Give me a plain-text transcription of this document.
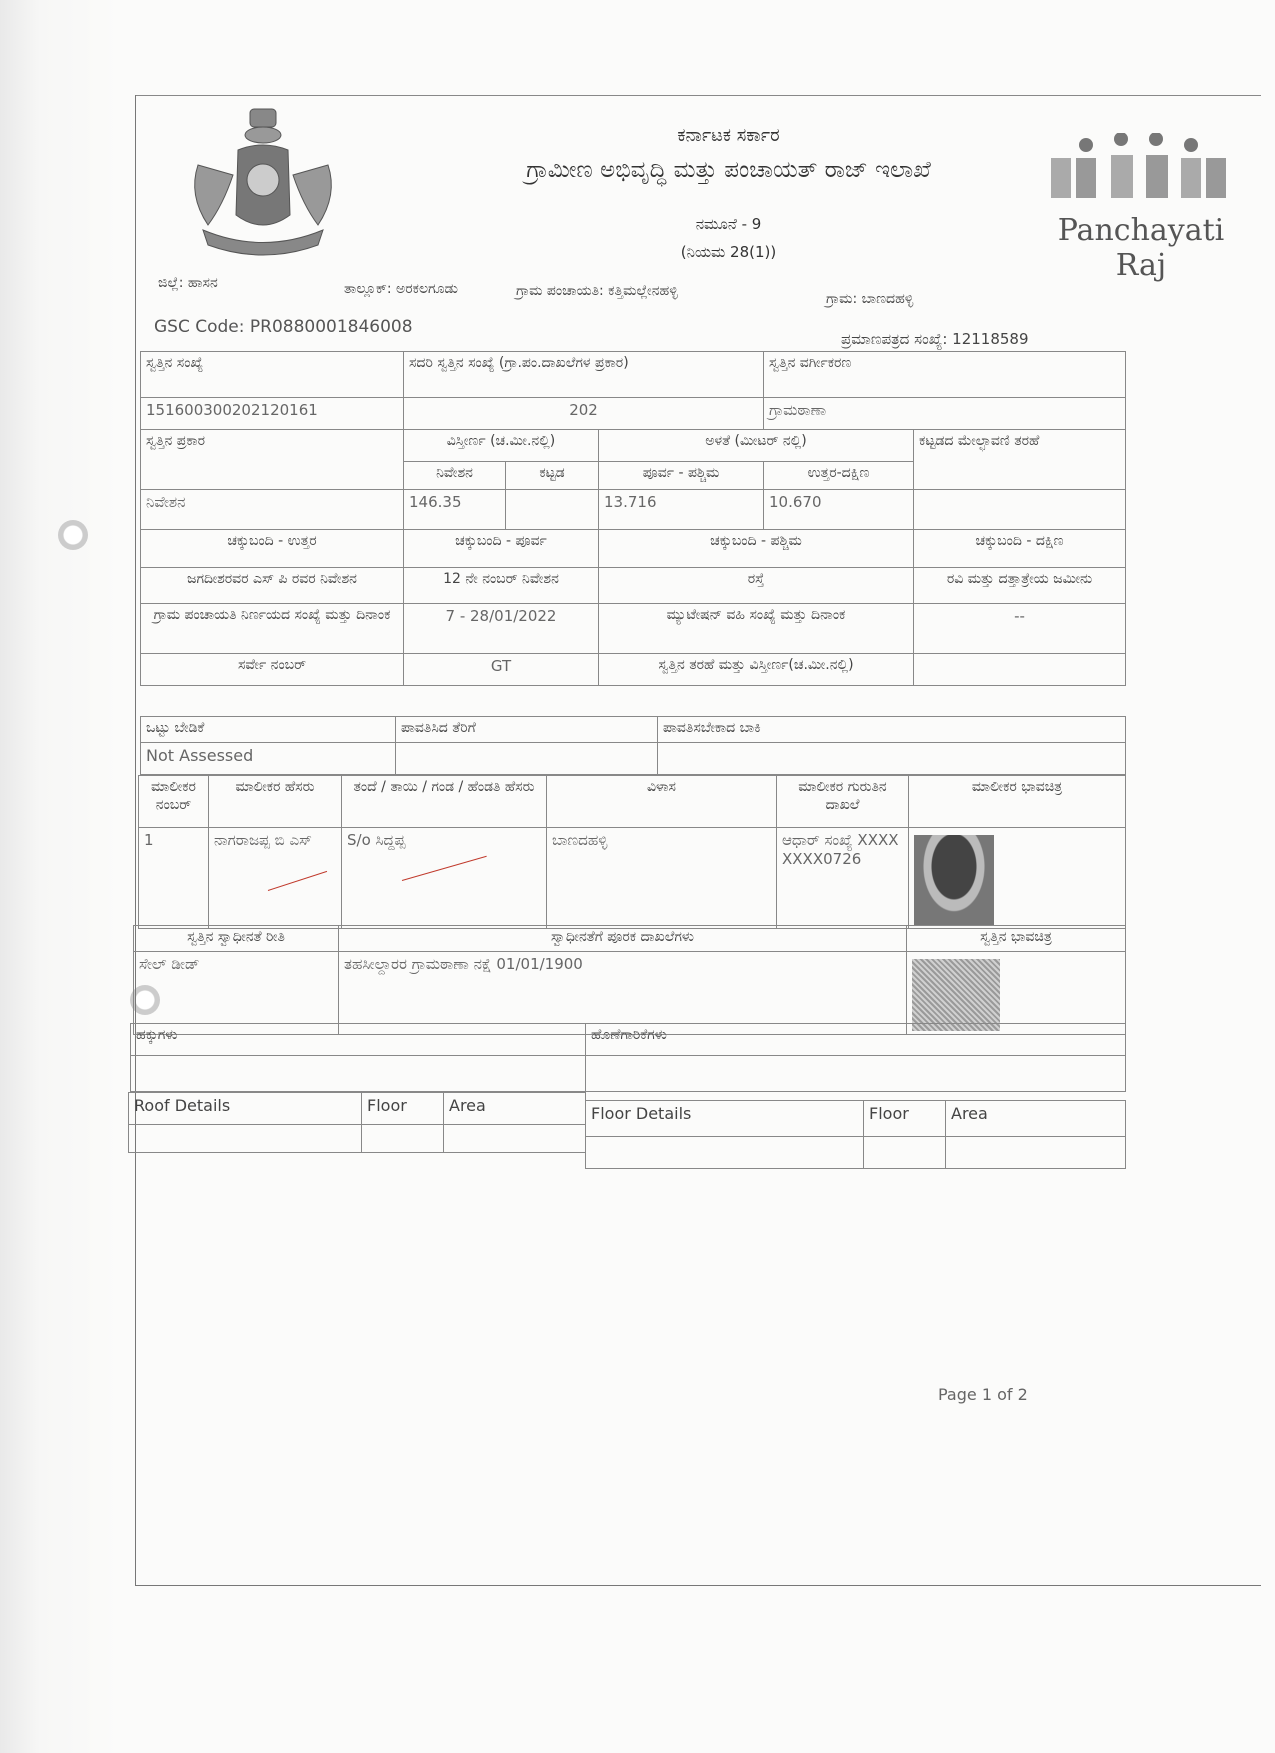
Panchayati Raj
ಕರ್ನಾಟಕ ಸರ್ಕಾರ
ಗ್ರಾಮೀಣ ಅಭಿವೃದ್ಧಿ ಮತ್ತು ಪಂಚಾಯತ್ ರಾಜ್ ಇಲಾಖೆ
ನಮೂನೆ - 9
(ನಿಯಮ 28(1))
ಜಿಲ್ಲೆ: ಹಾಸನ	ತಾಲ್ಲೂಕ್: ಅರಕಲಗೂಡು	ಗ್ರಾಮ ಪಂಚಾಯತಿ: ಕತ್ತಿಮಲ್ಲೇನಹಳ್ಳಿ	ಗ್ರಾಮ: ಬಾಣದಹಳ್ಳಿ
GSC Code: PR0880001846008
ಪ್ರಮಾಣಪತ್ರದ ಸಂಖ್ಯೆ: 12118589
ಸ್ವತ್ತಿನ ಸಂಖ್ಯೆ	ಸದರಿ ಸ್ವತ್ತಿನ ಸಂಖ್ಯೆ (ಗ್ರಾ.ಪಂ.ದಾಖಲೆಗಳ ಪ್ರಕಾರ)			ಸ್ವತ್ತಿನ ವರ್ಗೀಕರಣ	
151600300202120161	202			ಗ್ರಾಮಠಾಣಾ	
ಸ್ವತ್ತಿನ ಪ್ರಕಾರ	ವಿಸ್ತೀರ್ಣ (ಚ.ಮೀ.ನಲ್ಲಿ)		ಅಳತೆ (ಮೀಟರ್ ನಲ್ಲಿ)		ಕಟ್ಟಡದ ಮೇಲ್ಛಾವಣಿ ತರಹೆ
	ನಿವೇಶನ	ಕಟ್ಟಡ	ಪೂರ್ವ - ಪಶ್ಚಿಮ	ಉತ್ತರ-ದಕ್ಷಿಣ	
ನಿವೇಶನ	146.35		13.716	10.670	
ಚಕ್ಕುಬಂದಿ - ಉತ್ತರ	ಚಕ್ಕುಬಂದಿ - ಪೂರ್ವ		ಚಕ್ಕುಬಂದಿ - ಪಶ್ಚಿಮ		ಚಕ್ಕುಬಂದಿ - ದಕ್ಷಿಣ
ಜಗದೀಶರವರ ಎಸ್ ಪಿ ರವರ ನಿವೇಶನ	12 ನೇ ನಂಬರ್ ನಿವೇಶನ		ರಸ್ತೆ		ರವಿ ಮತ್ತು ದತ್ತಾತ್ರೇಯ ಜಮೀನು
ಗ್ರಾಮ ಪಂಚಾಯತಿ ನಿರ್ಣಯದ ಸಂಖ್ಯೆ ಮತ್ತು ದಿನಾಂಕ	7 - 28/01/2022		ಮ್ಯುಟೇಷನ್ ವಹಿ ಸಂಖ್ಯೆ ಮತ್ತು ದಿನಾಂಕ		--
ಸರ್ವೇ ನಂಬರ್	GT		ಸ್ವತ್ತಿನ ತರಹೆ ಮತ್ತು ವಿಸ್ತೀರ್ಣ(ಚ.ಮೀ.ನಲ್ಲಿ)		
ಒಟ್ಟು ಬೇಡಿಕೆ	ಪಾವತಿಸಿದ ತೆರಿಗೆ	ಪಾವತಿಸಬೇಕಾದ ಬಾಕಿ
Not Assessed		
ಮಾಲೀಕರ ನಂಬರ್	ಮಾಲೀಕರ ಹೆಸರು	ತಂದೆ / ತಾಯಿ / ಗಂಡ / ಹೆಂಡತಿ ಹೆಸರು	ವಿಳಾಸ	ಮಾಲೀಕರ ಗುರುತಿನ ದಾಖಲೆ	ಮಾಲೀಕರ ಭಾವಚಿತ್ರ
1	ನಾಗರಾಜಪ್ಪ ಬಿ ಎಸ್	S/o ಸಿದ್ದಪ್ಪ	ಬಾಣದಹಳ್ಳಿ	ಆಧಾರ್ ಸಂಖ್ಯೆ XXXXXXXX0726	
ಸ್ವತ್ತಿನ ಸ್ವಾಧೀನತೆ ರೀತಿ	ಸ್ವಾಧೀನತೆಗೆ ಪೂರಕ ದಾಖಲೆಗಳು	ಸ್ವತ್ತಿನ ಭಾವಚಿತ್ರ
ಸೇಲ್ ಡೀಡ್	ತಹಸೀಲ್ದಾರರ ಗ್ರಾಮಠಾಣಾ ನಕ್ಷೆ 01/01/1900	
ಹಕ್ಕುಗಳು	ಹೊಣೆಗಾರಿಕೆಗಳು

Roof Details	Floor	Area
			Floor Details	Floor	Area

Page 1 of 2
